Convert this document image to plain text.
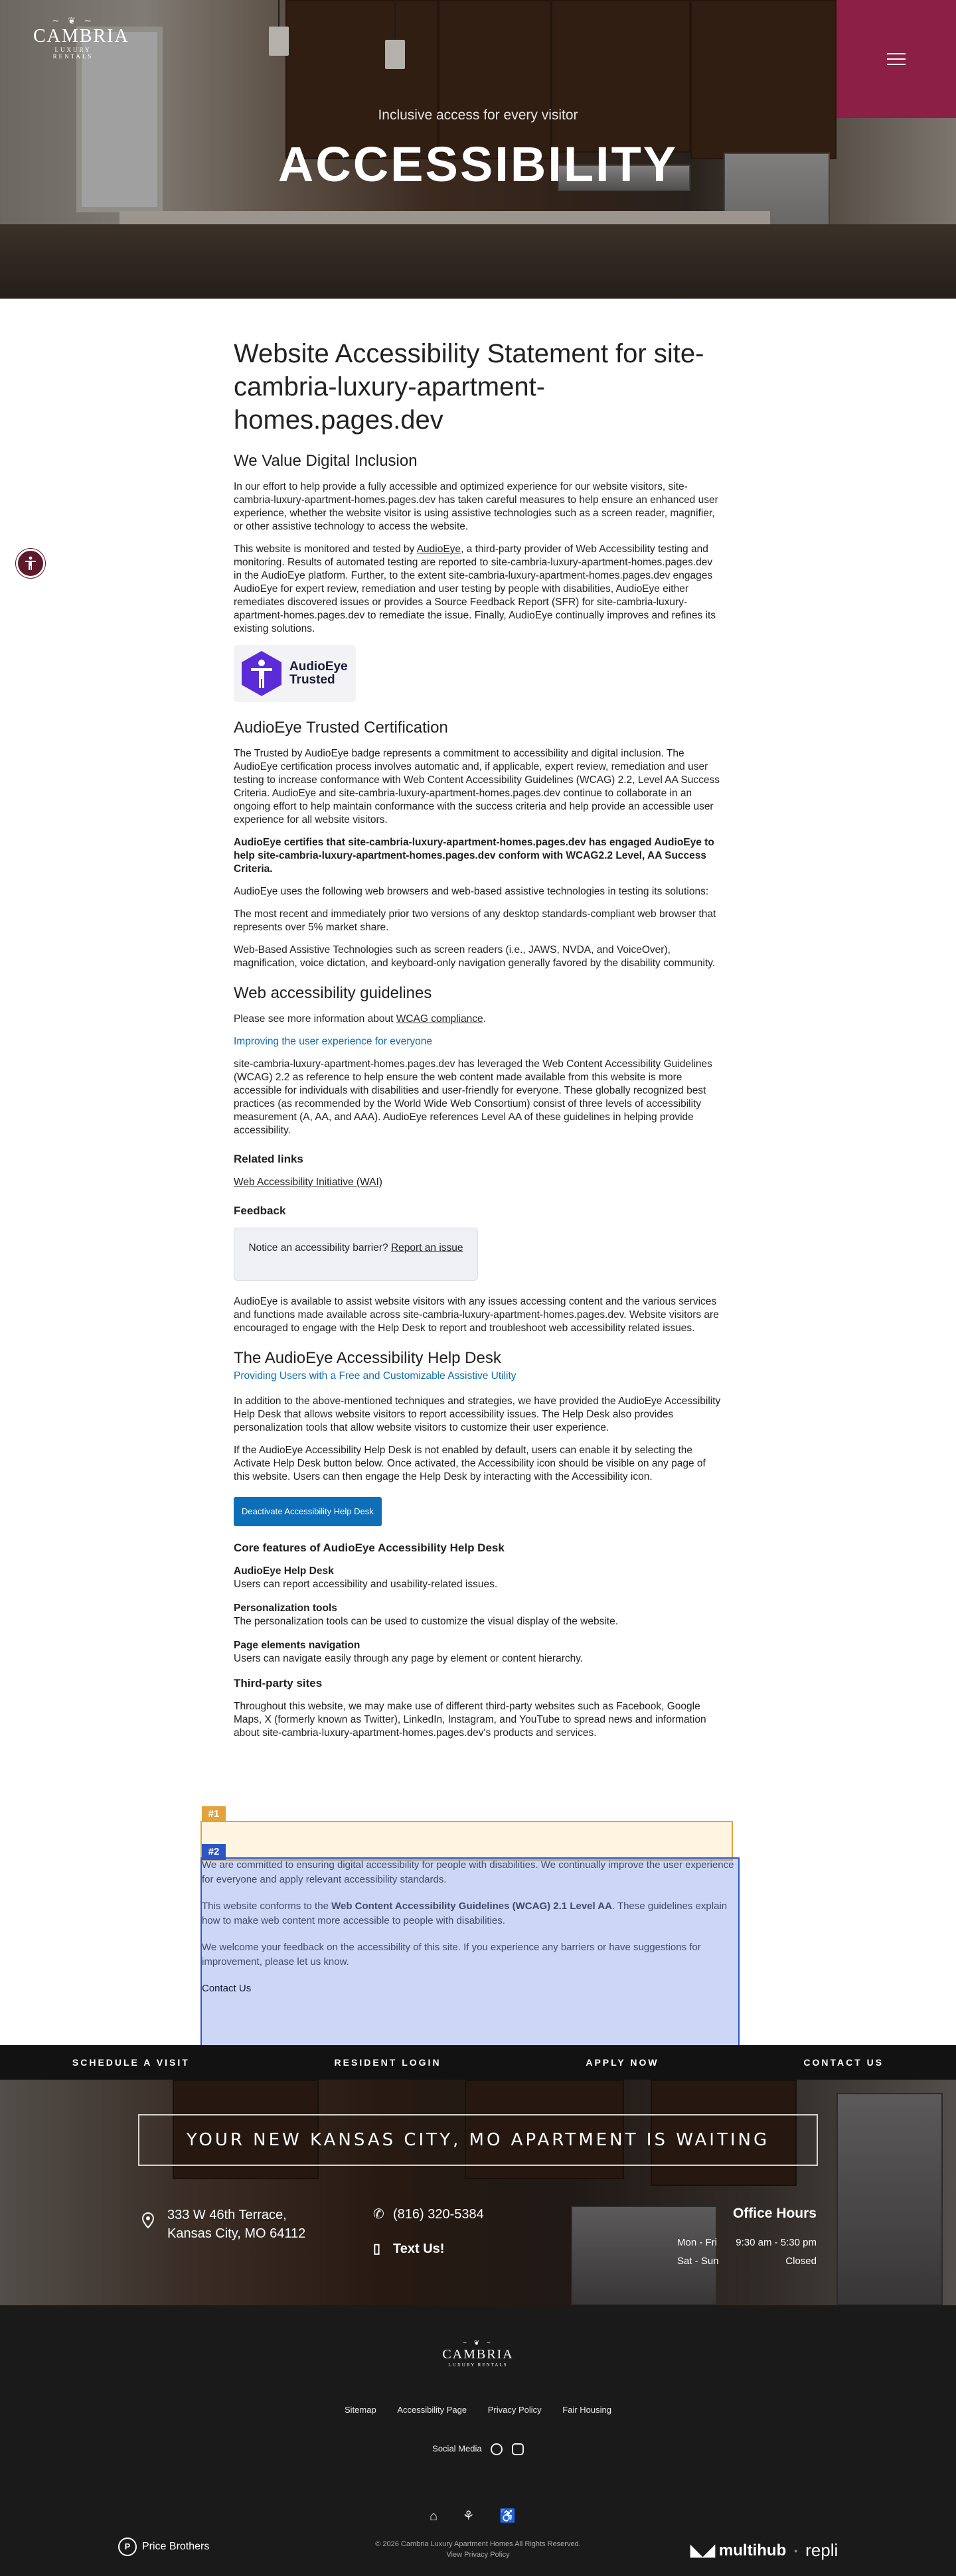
~ ❦ ~
CAMBRIA
LUXURY RENTALS
Inclusive access for every visitor
ACCESSIBILITY
Website Accessibility Statement for site-cambria-luxury-apartment-homes.pages.dev
We Value Digital Inclusion

In our effort to help provide a fully accessible and optimized experience for our website visitors, site-cambria-luxury-apartment-homes.pages.dev has taken careful measures to help ensure an enhanced user experience, whether the website visitor is using assistive technologies such as a screen reader, magnifier, or other assistive technology to access the website.

This website is monitored and tested by AudioEye, a third-party provider of Web Accessibility testing and monitoring. Results of automated testing are reported to site-cambria-luxury-apartment-homes.pages.dev in the AudioEye platform. Further, to the extent site-cambria-luxury-apartment-homes.pages.dev engages AudioEye for expert review, remediation and user testing by people with disabilities, AudioEye either remediates discovered issues or provides a Source Feedback Report (SFR) for site-cambria-luxury-apartment-homes.pages.dev to remediate the issue. Finally, AudioEye continually improves and refines its existing solutions.

AudioEye
Trusted
AudioEye Trusted Certification

The Trusted by AudioEye badge represents a commitment to accessibility and digital inclusion. The AudioEye certification process involves automatic and, if applicable, expert review, remediation and user testing to increase conformance with Web Content Accessibility Guidelines (WCAG) 2.2, Level AA Success Criteria. AudioEye and site-cambria-luxury-apartment-homes.pages.dev continue to collaborate in an ongoing effort to help maintain conformance with the success criteria and help provide an accessible user experience for all website visitors.

AudioEye certifies that site-cambria-luxury-apartment-homes.pages.dev has engaged AudioEye to help site-cambria-luxury-apartment-homes.pages.dev conform with WCAG2.2 Level, AA Success Criteria.

AudioEye uses the following web browsers and web-based assistive technologies in testing its solutions:

The most recent and immediately prior two versions of any desktop standards-compliant web browser that represents over 5% market share.

Web-Based Assistive Technologies such as screen readers (i.e., JAWS, NVDA, and VoiceOver), magnification, voice dictation, and keyboard-only navigation generally favored by the disability community.

Web accessibility guidelines

Please see more information about WCAG compliance.

Improving the user experience for everyone

site-cambria-luxury-apartment-homes.pages.dev has leveraged the Web Content Accessibility Guidelines (WCAG) 2.2 as reference to help ensure the web content made available from this website is more accessible for individuals with disabilities and user-friendly for everyone. These globally recognized best practices (as recommended by the World Wide Web Consortium) consist of three levels of accessibility measurement (A, AA, and AAA). AudioEye references Level AA of these guidelines in helping provide accessibility.

Related links

Web Accessibility Initiative (WAI)

Feedback
Notice an accessibility barrier? Report an issue

AudioEye is available to assist website visitors with any issues accessing content and the various services and functions made available across site-cambria-luxury-apartment-homes.pages.dev. Website visitors are encouraged to engage with the Help Desk to report and troubleshoot web accessibility related issues.

The AudioEye Accessibility Help Desk

Providing Users with a Free and Customizable Assistive Utility

In addition to the above-mentioned techniques and strategies, we have provided the AudioEye Accessibility Help Desk that allows website visitors to report accessibility issues. The Help Desk also provides personalization tools that allow website visitors to customize their user experience.

If the AudioEye Accessibility Help Desk is not enabled by default, users can enable it by selecting the Activate Help Desk button below. Once activated, the Accessibility icon should be visible on any page of this website. Users can then engage the Help Desk by interacting with the Accessibility icon.

Deactivate Accessibility Help Desk
Core features of AudioEye Accessibility Help Desk
AudioEye Help Desk
Users can report accessibility and usability-related issues.
Personalization tools
The personalization tools can be used to customize the visual display of the website.
Page elements navigation
Users can navigate easily through any page by element or content hierarchy.
Third-party sites

Throughout this website, we may make use of different third-party websites such as Facebook, Google Maps, X (formerly known as Twitter), LinkedIn, Instagram, and YouTube to spread news and information about site-cambria-luxury-apartment-homes.pages.dev's products and services.

#1
#2

We are committed to ensuring digital accessibility for people with disabilities. We continually improve the user experience for everyone and apply relevant accessibility standards.

This website conforms to the Web Content Accessibility Guidelines (WCAG) 2.1 Level AA. These guidelines explain how to make web content more accessible to people with disabilities.

We welcome your feedback on the accessibility of this site. If you experience any barriers or have suggestions for improvement, please let us know.

Contact Us

SCHEDULE A VISIT	RESIDENT LOGIN	APPLY NOW	CONTACT US
YOUR NEW KANSAS CITY, MO APARTMENT IS WAITING
333 W 46th Terrace,
Kansas City, MO 64112
✆ (816) 320-5384
▯ Text Us!
Office Hours
Mon - Fri	9:30 am - 5:30 pm
Sat - Sun	Closed
~ ❦ ~
CAMBRIA
LUXURY RENTALS
Sitemap Accessibility Page Privacy Policy Fair Housing
Social Media
⌂ ⚘ ♿
P	Price Brothers	© 2026 Cambria Luxury Apartment Homes All Rights Reserved.
View Privacy Policy	◣◢ multihub • repli
